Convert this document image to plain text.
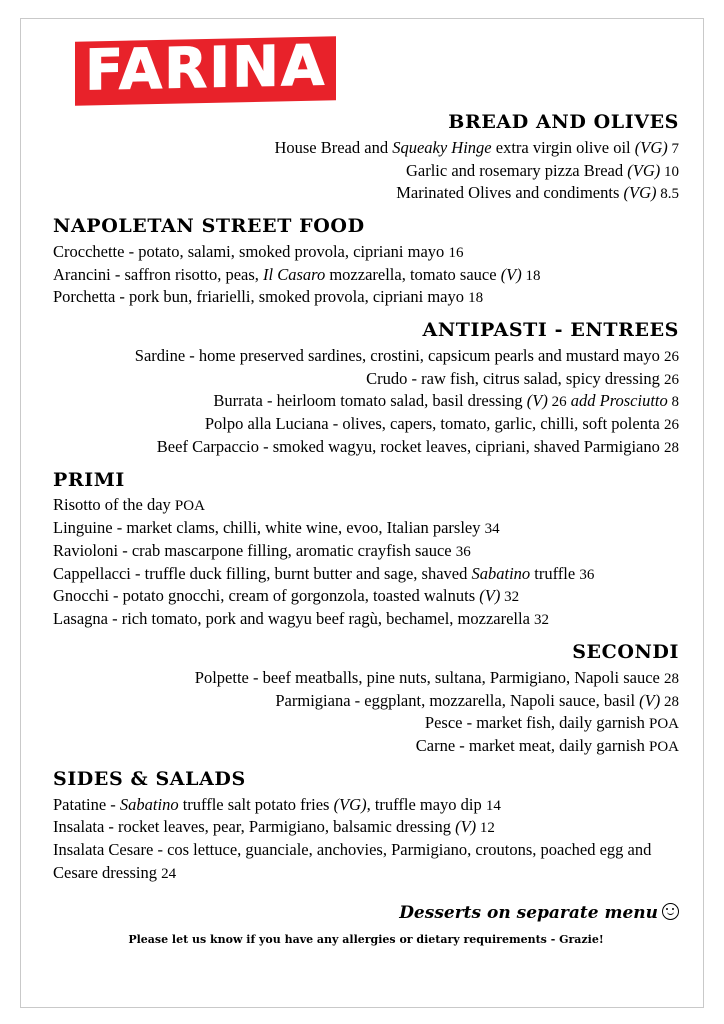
FARINA
BREAD AND OLIVES
House Bread and Squeaky Hinge extra virgin olive oil (VG) 7
Garlic and rosemary pizza Bread (VG) 10
Marinated Olives and condiments (VG) 8.5
NAPOLETAN STREET FOOD
Crocchette - potato, salami, smoked provola, cipriani mayo 16
Arancini - saffron risotto, peas, Il Casaro mozzarella, tomato sauce (V) 18
Porchetta - pork bun, friarielli, smoked provola, cipriani mayo 18
ANTIPASTI - ENTREES
Sardine - home preserved sardines, crostini, capsicum pearls and mustard mayo 26
Crudo - raw fish, citrus salad, spicy dressing 26
Burrata - heirloom tomato salad, basil dressing (V) 26 add Prosciutto 8
Polpo alla Luciana - olives, capers, tomato, garlic, chilli, soft polenta 26
Beef Carpaccio - smoked wagyu, rocket leaves, cipriani, shaved Parmigiano 28
PRIMI
Risotto of the day POA
Linguine - market clams, chilli, white wine, evoo, Italian parsley 34
Ravioloni - crab mascarpone filling, aromatic crayfish sauce 36
Cappellacci - truffle duck filling, burnt butter and sage, shaved Sabatino truffle 36
Gnocchi - potato gnocchi, cream of gorgonzola, toasted walnuts (V) 32
Lasagna - rich tomato, pork and wagyu beef ragù, bechamel, mozzarella 32
SECONDI
Polpette - beef meatballs, pine nuts, sultana, Parmigiano, Napoli sauce 28
Parmigiana - eggplant, mozzarella, Napoli sauce, basil (V) 28
Pesce - market fish, daily garnish POA
Carne - market meat, daily garnish POA
SIDES & SALADS
Patatine - Sabatino truffle salt potato fries (VG), truffle mayo dip 14
Insalata - rocket leaves, pear, Parmigiano, balsamic dressing (V) 12
Insalata Cesare - cos lettuce, guanciale, anchovies, Parmigiano, croutons, poached egg and Cesare dressing 24
Desserts on separate menu
Please let us know if you have any allergies or dietary requirements - Grazie!
